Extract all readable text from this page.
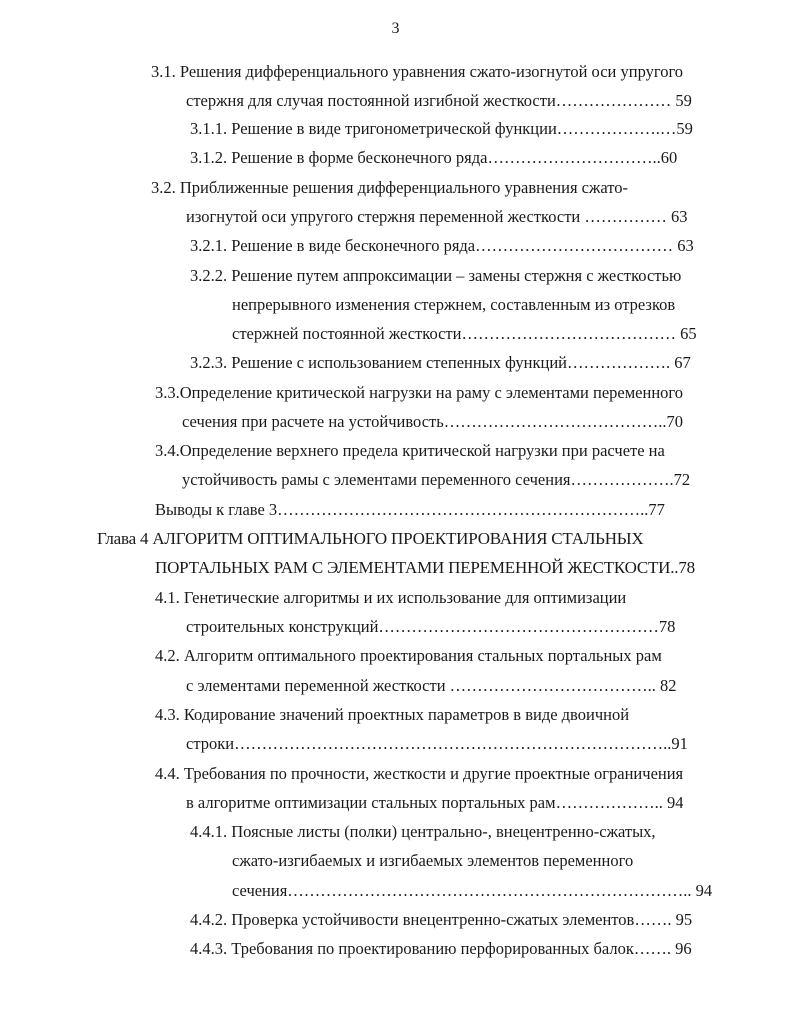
3
3.1. Решения дифференциального уравнения сжато-изогнутой оси упругого
стержня для случая постоянной изгибной жесткости………………… 59
3.1.1. Решение в виде тригонометрической функции……………….…59
3.1.2. Решение в форме бесконечного ряда…………………………..60
3.2. Приближенные решения дифференциального уравнения сжато-
изогнутой оси упругого стержня переменной жесткости …………… 63
3.2.1. Решение в виде бесконечного ряда……………………………… 63
3.2.2. Решение путем аппроксимации – замены стержня с жесткостью
непрерывного изменения стержнем, составленным из отрезков
стержней постоянной жесткости………………………………… 65
3.2.3. Решение с использованием степенных функций………………. 67
3.3.Определение критической нагрузки на раму с элементами переменного
сечения при расчете на устойчивость…………………………………..70
3.4.Определение верхнего предела критической нагрузки при расчете на
устойчивость рамы с элементами переменного сечения……………….72
Выводы к главе 3…………………………………………………………..77
Глава 4 АЛГОРИТМ ОПТИМАЛЬНОГО ПРОЕКТИРОВАНИЯ СТАЛЬНЫХ
ПОРТАЛЬНЫХ РАМ С ЭЛЕМЕНТАМИ ПЕРЕМЕННОЙ ЖЕСТКОСТИ..78
4.1. Генетические алгоритмы и их использование для оптимизации
строительных конструкций……………………………………………78
4.2. Алгоритм оптимального проектирования стальных портальных рам
с элементами переменной жесткости ……………………………….. 82
4.3. Кодирование значений проектных параметров в виде двоичной
строки……………………………………………………………………..91
4.4. Требования по прочности, жесткости и другие проектные ограничения
в алгоритме оптимизации стальных портальных рам……………….. 94
4.4.1. Поясные листы (полки) центрально-, внецентренно-сжатых,
сжато-изгибаемых и изгибаемых элементов переменного
сечения……………………………………………………………….. 94
4.4.2. Проверка устойчивости внецентренно-сжатых элементов……. 95
4.4.3. Требования по проектированию перфорированных балок……. 96
